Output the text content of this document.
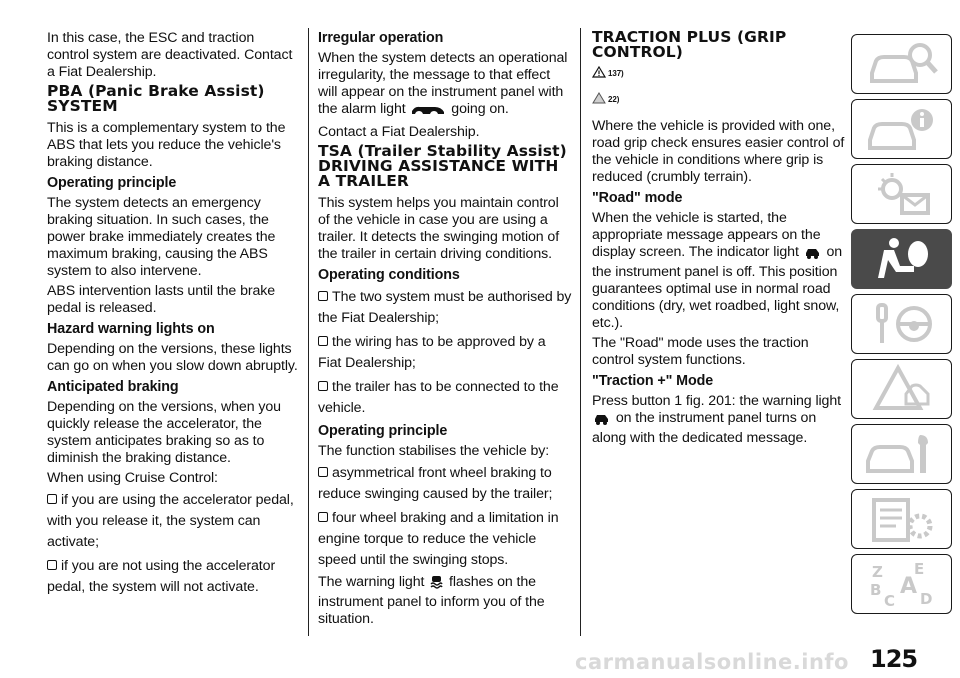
In this case, the ESC and traction control system are deactivated. Contact a Fiat Dealership.

PBA (Panic Brake Assist) SYSTEM

This is a complementary system to the ABS that lets you reduce the vehicle's braking distance.

Operating principle

The system detects an emergency braking situation. In such cases, the power brake immediately creates the maximum braking, causing the ABS system to also intervene.

ABS intervention lasts until the brake pedal is released.

Hazard warning lights on

Depending on the versions, these lights can go on when you slow down abruptly.

Anticipated braking

Depending on the versions, when you quickly release the accelerator, the system anticipates braking so as to diminish the braking distance.

When using Cruise Control:

if you are using the accelerator pedal, with you release it, the system can activate;
if you are not using the accelerator pedal, the system will not activate.
Irregular operation

When the system detects an operational irregularity, the message to that effect will appear on the instrument panel with the alarm light	going on.

Contact a Fiat Dealership.

TSA (Trailer Stability Assist) DRIVING ASSISTANCE WITH A TRAILER

This system helps you maintain control of the vehicle in case you are using a trailer. It detects the swinging motion of the trailer in certain driving conditions.

Operating conditions
The two system must be authorised by the Fiat Dealership;
the wiring has to be approved by a Fiat Dealership;
the trailer has to be connected to the vehicle.
Operating principle

The function stabilises the vehicle by:

asymmetrical front wheel braking to reduce swinging caused by the trailer;
four wheel braking and a limitation in engine torque to reduce the vehicle speed until the swinging stops.

The warning light flashes on the instrument panel to inform you of the situation.

TRACTION PLUS (GRIP CONTROL)
137)
22)

Where the vehicle is provided with one, road grip check ensures easier control of the vehicle in conditions where grip is reduced (crumbly terrain).

"Road" mode

When the vehicle is started, the appropriate message appears on the display screen. The indicator light on the instrument panel is off. This position guarantees optimal use in normal road conditions (dry, wet roadbed, light snow, etc.).

The "Road" mode uses the traction control system functions.

"Traction +" Mode

Press button 1 fig. 201: the warning light  on the instrument panel turns on along with the dedicated message.

Z E
B A
C D
carmanualsonline.info 125
